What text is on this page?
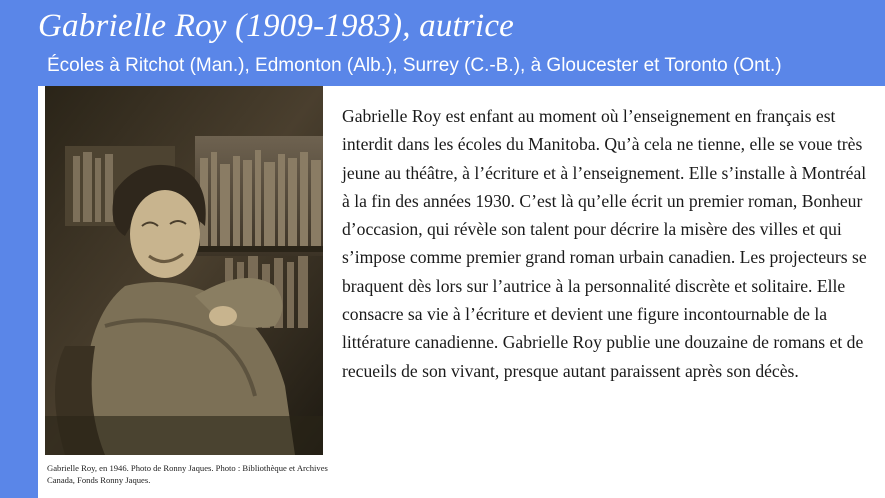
Gabrielle Roy (1909-1983), autrice
Écoles à Ritchot (Man.), Edmonton (Alb.), Surrey (C.-B.), à Gloucester et Toronto (Ont.)
Gabrielle Roy, en 1946. Photo de Ronny Jaques. Photo : Bibliothèque et Archives Canada, Fonds Ronny Jaques.
Gabrielle Roy est enfant au moment où l’enseignement en français est interdit dans les écoles du Manitoba. Qu’à cela ne tienne, elle se voue très jeune au théâtre, à l’écriture et à l’enseignement. Elle s’installe à Montréal à la fin des années 1930. C’est là qu’elle écrit un premier roman, Bonheur d’occasion, qui révèle son talent pour décrire la misère des villes et qui s’impose comme premier grand roman urbain canadien. Les projecteurs se braquent dès lors sur l’autrice à la personnalité discrète et solitaire. Elle consacre sa vie à l’écriture et devient une figure incontournable de la littérature canadienne. Gabrielle Roy publie une douzaine de romans et de recueils de son vivant, presque autant paraissent après son décès.
